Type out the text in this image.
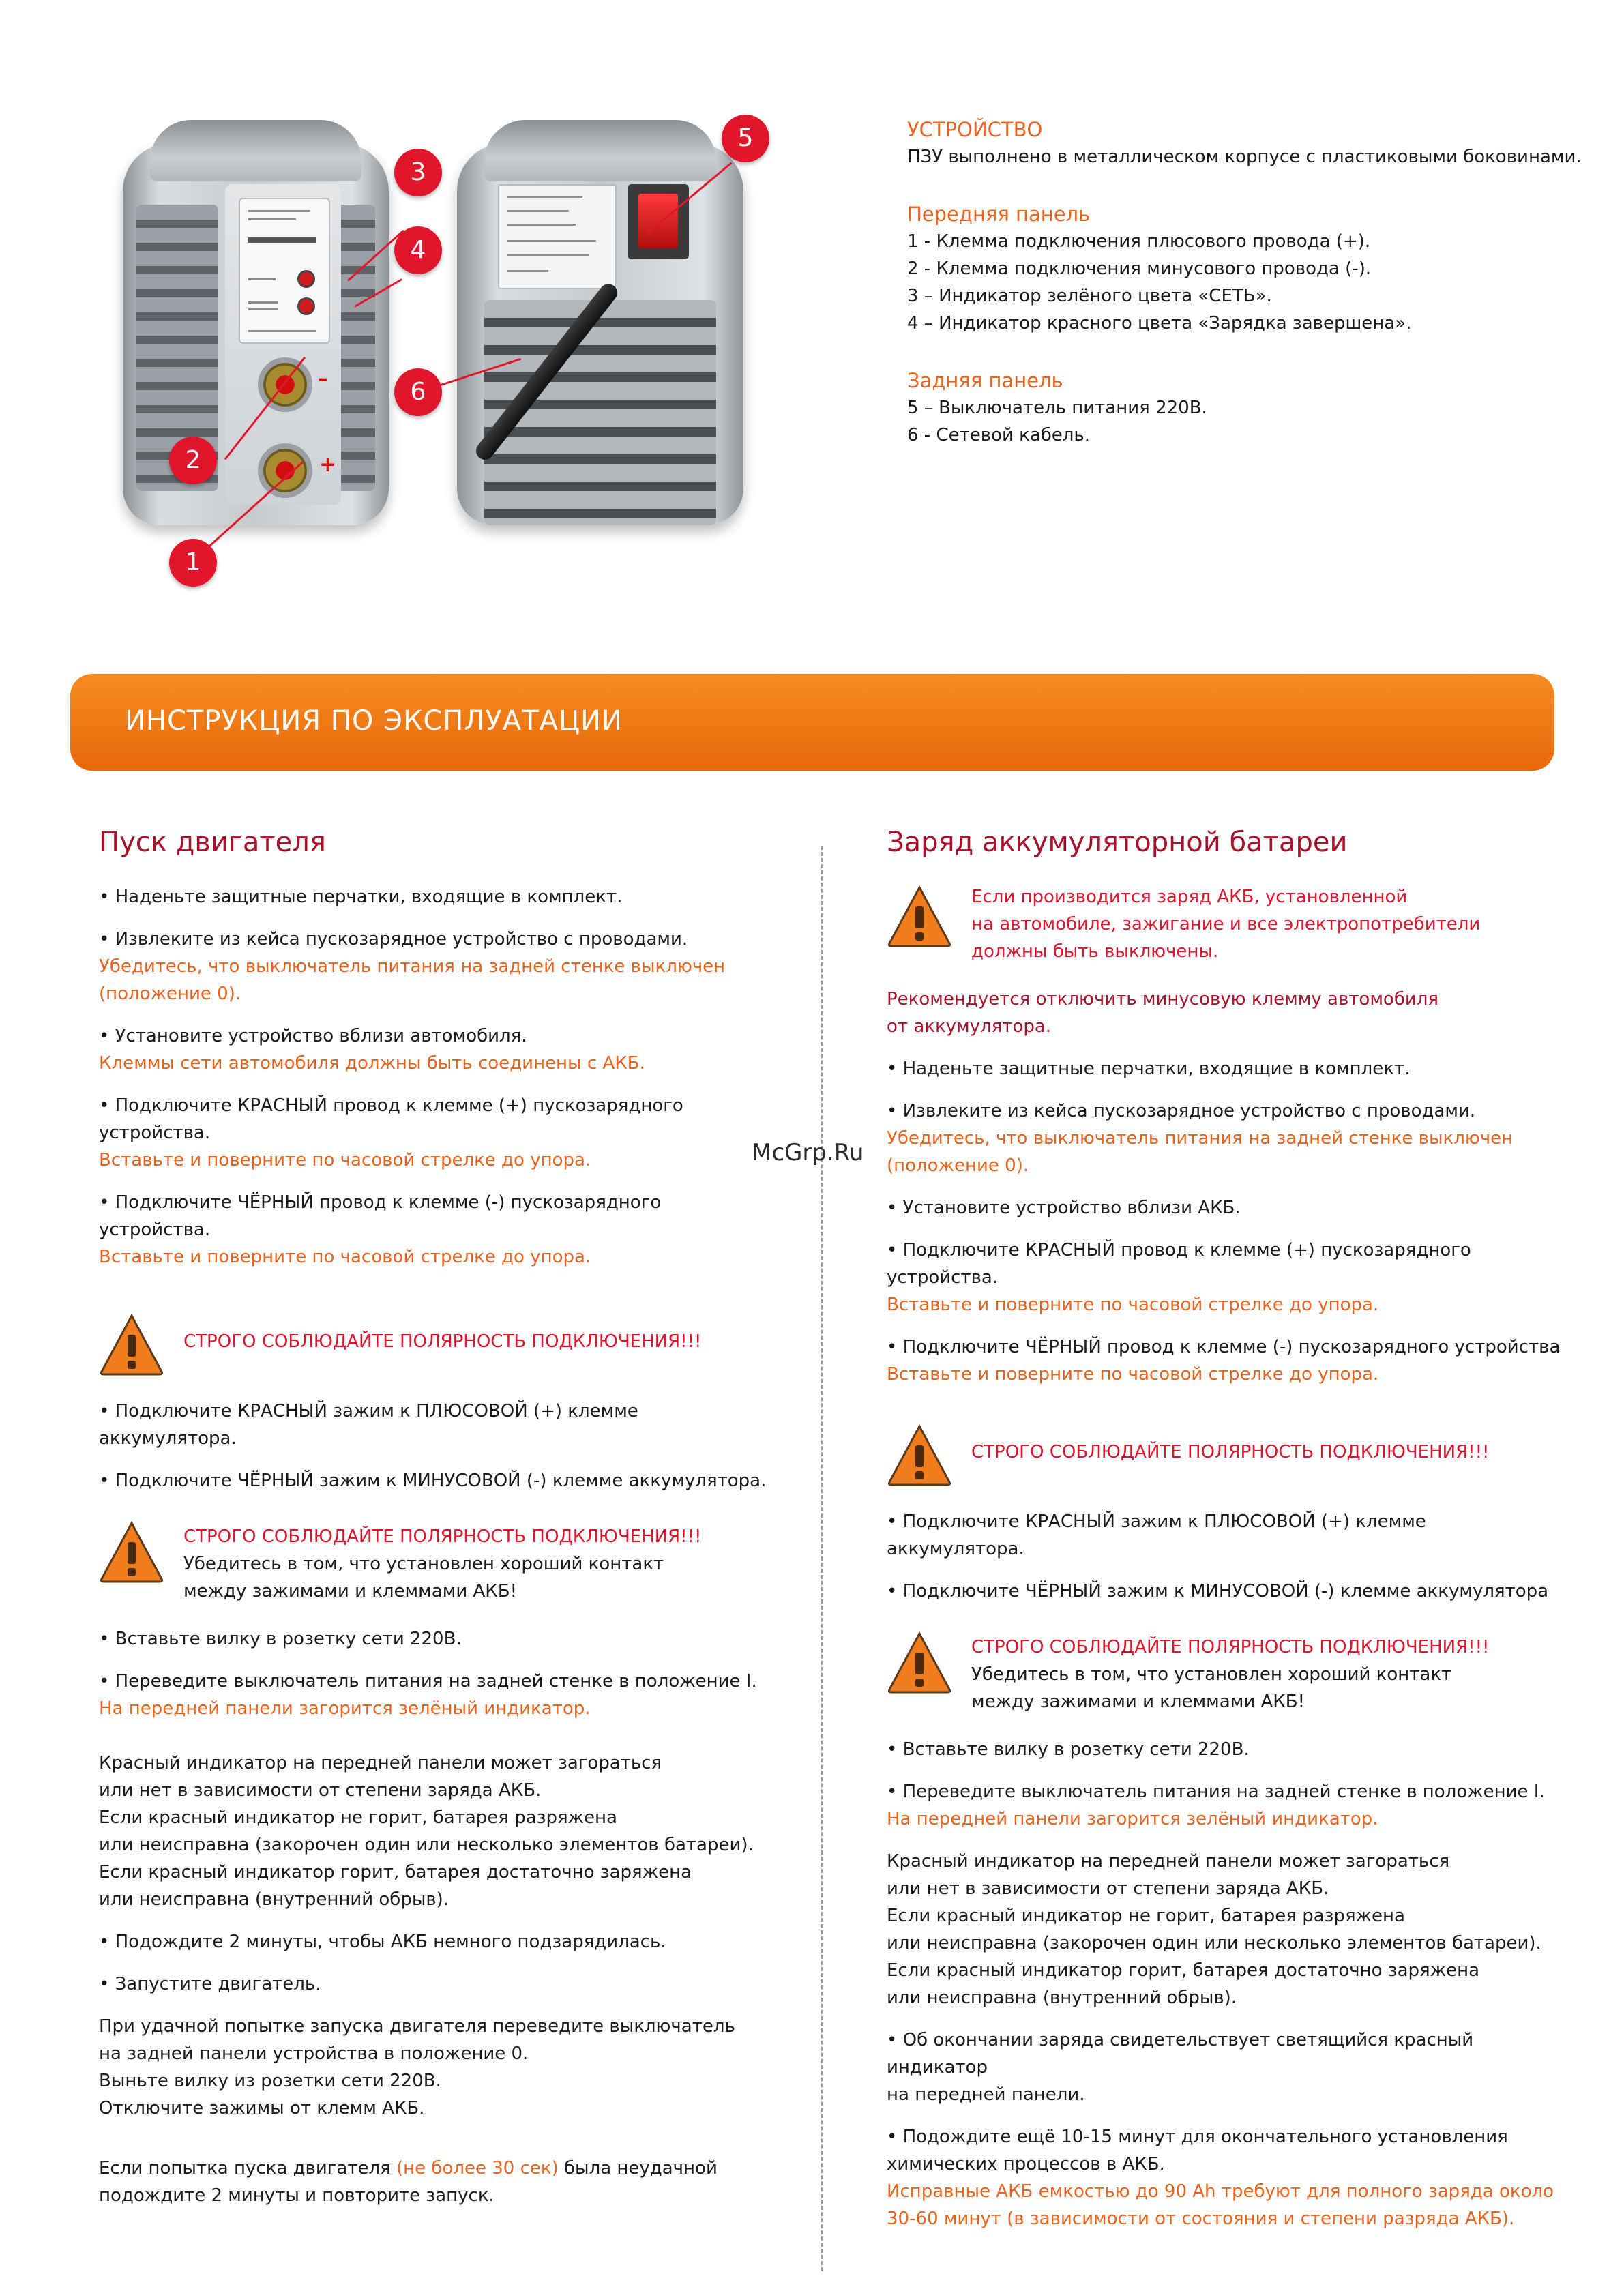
–
+
1
2
3
4
5
6

УСТРОЙСТВО

ПЗУ выполнено в металлическом корпусе с пластиковыми боковинами.

Передняя панель

1 - Клемма подключения плюсового провода (+).

2 - Клемма подключения минусового провода (-).

3 – Индикатор зелёного цвета «СЕТЬ».

4 – Индикатор красного цвета «Зарядка завершена».

Задняя панель

5 – Выключатель питания 220В.

6 - Сетевой кабель.

ИНСТРУКЦИЯ ПО ЭКСПЛУАТАЦИИ
Пуск двигателя

• Наденьте защитные перчатки, входящие в комплект.

• Извлеките из кейса пускозарядное устройство с проводами.

Убедитесь, что выключатель питания на задней стенке выключен

(положение 0).

• Установите устройство вблизи автомобиля.

Клеммы сети автомобиля должны быть соединены с АКБ.

• Подключите КРАСНЫЙ провод к клемме (+) пускозарядного устройства.

Вставьте и поверните по часовой стрелке до упора.

• Подключите ЧЁРНЫЙ провод к клемме (-) пускозарядного устройства.

Вставьте и поверните по часовой стрелке до упора.

СТРОГО СОБЛЮДАЙТЕ ПОЛЯРНОСТЬ ПОДКЛЮЧЕНИЯ!!!

• Подключите КРАСНЫЙ зажим к ПЛЮСОВОЙ (+) клемме аккумулятора.

• Подключите ЧЁРНЫЙ зажим к МИНУСОВОЙ (-) клемме аккумулятора.

СТРОГО СОБЛЮДАЙТЕ ПОЛЯРНОСТЬ ПОДКЛЮЧЕНИЯ!!!

Убедитесь в том, что установлен хороший контакт

между зажимами и клеммами АКБ!

• Вставьте вилку в розетку сети 220В.

• Переведите выключатель питания на задней стенке в положение I.

На передней панели загорится зелёный индикатор.

Красный индикатор на передней панели может загораться

или нет в зависимости от степени заряда АКБ.

Если красный индикатор не горит, батарея разряжена

или неисправна (закорочен один или несколько элементов батареи).

Если красный индикатор горит, батарея достаточно заряжена

или неисправна (внутренний обрыв).

• Подождите 2 минуты, чтобы АКБ немного подзарядилась.

• Запустите двигатель.

При удачной попытке запуска двигателя переведите выключатель

на задней панели устройства в положение 0.

Выньте вилку из розетки сети 220В.

Отключите зажимы от клемм АКБ.

Если попытка пуска двигателя (не более 30 сек) была неудачной

подождите 2 минуты и повторите запуск.

Заряд аккумуляторной батареи

Если производится заряд АКБ, установленной

на автомобиле, зажигание и все электропотребители

должны быть выключены.

Рекомендуется отключить минусовую клемму автомобиля

от аккумулятора.

• Наденьте защитные перчатки, входящие в комплект.

• Извлеките из кейса пускозарядное устройство с проводами.

Убедитесь, что выключатель питания на задней стенке выключен

(положение 0).

• Установите устройство вблизи АКБ.

• Подключите КРАСНЫЙ провод к клемме (+) пускозарядного устройства.

Вставьте и поверните по часовой стрелке до упора.

• Подключите ЧЁРНЫЙ провод к клемме (-) пускозарядного устройства

Вставьте и поверните по часовой стрелке до упора.

СТРОГО СОБЛЮДАЙТЕ ПОЛЯРНОСТЬ ПОДКЛЮЧЕНИЯ!!!

• Подключите КРАСНЫЙ зажим к ПЛЮСОВОЙ (+) клемме аккумулятора.

• Подключите ЧЁРНЫЙ зажим к МИНУСОВОЙ (-) клемме аккумулятора

СТРОГО СОБЛЮДАЙТЕ ПОЛЯРНОСТЬ ПОДКЛЮЧЕНИЯ!!!

Убедитесь в том, что установлен хороший контакт

между зажимами и клеммами АКБ!

• Вставьте вилку в розетку сети 220В.

• Переведите выключатель питания на задней стенке в положение I.

На передней панели загорится зелёный индикатор.

Красный индикатор на передней панели может загораться

или нет в зависимости от степени заряда АКБ.

Если красный индикатор не горит, батарея разряжена

или неисправна (закорочен один или несколько элементов батареи).

Если красный индикатор горит, батарея достаточно заряжена

или неисправна (внутренний обрыв).

• Об окончании заряда свидетельствует светящийся красный индикатор

на передней панели.

• Подождите ещё 10-15 минут для окончательного установления

химических процессов в АКБ.

Исправные АКБ емкостью до 90 Ah требуют для полного заряда около

30-60 минут (в зависимости от состояния и степени разряда АКБ).

McGrp.Ru
